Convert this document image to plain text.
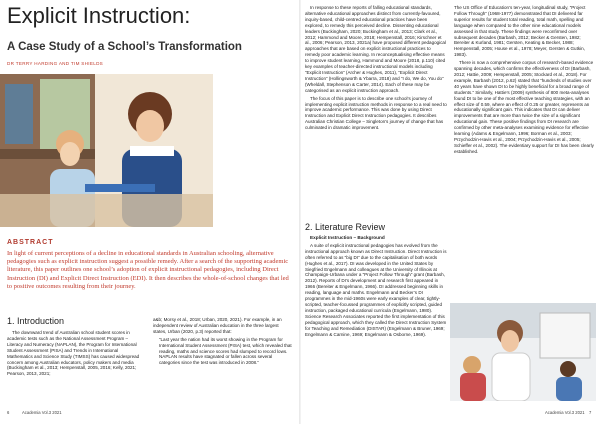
Explicit Instruction:
A Case Study of a School’s Transformation
DR TERRY HARDING AND TIM SHIELDS
ABSTRACT
In light of current perceptions of a decline in educational standards in Australian schooling, alternative pedagogies such as explicit instruction suggest a possible remedy. After a search of the supporting academic literature, this paper outlines one school’s adoption of explicit instructional pedagogies, including Direct Instruction (DI) and Explicit Direct Instruction (EDI). It then describes the whole-of-school changes that led to positive outcomes resulting from their journey.
1. Introduction

The downward trend of Australian school student scores in academic tests such as the National Assessment Program – Literacy and Numeracy (NAPLAN), the Program for International Student Assessment (PISA) and Trends in International Mathematics and Science Study (TIMSS) has caused widespread concern among Australian educators, policy makers and media (Buckingham et al., 2013; Hempenstall, 2005, 2016; Kelly, 2021; Pearson, 2013, 2021;

a&b; Morsy et al., 2018; Urban, 2020, 2021). For example, in an independent review of Australian education in the three largest states, Urban (2020, p.3) reported that:

“Last year the nation had its worst showing in the Program for International Student Assessment (PISA) test, which revealed that reading, maths and science scores had slumped to record lows. NAPLAN results have stagnated or fallen across several categories since the test was introduced in 2008.”

In response to these reports of falling educational standards, alternative educational approaches distinct from currently-favoured, inquiry-based, child-centred educational practices have been explored, to remedy this perceived decline. Dissenting educational leaders (Buckingham, 2020; Buckingham et al., 2013; Clark et al., 2012; Hammond and Moore, 2018; Hempenstall, 2016; Kirschner et al., 2006; Pearson, 2013, 2021a) have proposed different pedagogical approaches that are based on explicit instructional practices to remedy poor academic learning. In reconceptualising effective means to improve student learning, Hammond and Moore (2018, p.110) cited key examples of teacher-directed instructional models including “Explicit Instruction” (Archer & Hughes, 2011), “Explicit Direct Instruction” (Hollingsworth & Ybarra, 2018) and “I do, We do, You do” (Wheldall, Stephenson & Carter, 2014). Each of these may be categorised as an explicit instruction approach.

The focus of this paper is to describe one school’s journey of implementing explicit instruction methods in response to a real need to improve academic performance. This was done by using Direct Instruction and Explicit Direct Instruction pedagogies. It describes Australian Christian College – Singleton’s journey of change that has culminated in dramatic improvement.

2. Literature Review

Explicit Instruction – Background

A suite of explicit instructional pedagogies has evolved from the instructional approach known as Direct Instruction. Direct Instruction is often referred to as “big DI” due to the capitalisation of both words (Hughes et al., 2017). DI was developed in the United States by Siegfried Engelmann and colleagues at the University of Illinois at Champaign-Urbana under a “Project Follow Through” grant (Barbash, 2012). Reports of DI’s development and research first appeared in 1966 (Bereiter & Engelmann, 1966). DI addressed beginning skills in reading, language and maths. Engelmann and Becker’s DI programmes in the mid-1960s were early examples of clear, tightly-scripted, teacher-focussed programmes of explicitly scripted, guided instruction, packaged educational curricula (Engelmann, 1980). Science Research Associates reported the first implementation of this pedagogical approach, which they called the Direct Instruction System for Teaching and Remediation (DISTAR) (Engelmann & Bruner, 1969; Engelmann & Carnine, 1969; Engelmann & Osborne, 1969).

The US Office of Education’s ten-year, longitudinal study, “Project Follow Through” (1968-1977) demonstrated that DI delivered far superior results for student total reading, total math, spelling and language when compared to the other nine educational models assessed in that study. These findings were reconfirmed over subsequent decades (Barbash, 2012; Becker & Gersten, 1982; Bereiter & Kurland, 1981; Gersten, Keating & Becker, 1988; Hempenstall, 2005; House et al., 1978; Meyer, Gersten & Gutkin, 1983).

There is now a comprehensive corpus of research-based evidence spanning decades, which confirms the effectiveness of DI (Barbash, 2012; Hattie, 2009; Hempenstall, 2005; Stockard et al., 2018). For example, Barbash (2012, p.62) stated that “hundreds of studies over 40 years have shown DI to be highly beneficial for a broad range of students.” Similarly, Hattie’s (2009) synthesis of 800 meta-analyses found DI to be one of the most effective teaching strategies, with an effect size of 0.59, where an effect of 0.25 or greater, represents an educationally significant gain. This indicates that DI can deliver improvements that are more than twice the size of a significant educational gain. These positive findings from DI research are confirmed by other meta-analyses examining evidence for effective learning (Adams & Engelmann, 1996; Borman et al., 2003; Przychodzin-Havis et al., 2004; Przychodzin-Havis et al., 2005; Schieffer et al., 2002). The evidentiary support for DI has been clearly established.

6	Academia Vol.3 2021	Academia Vol.3 2021 7
